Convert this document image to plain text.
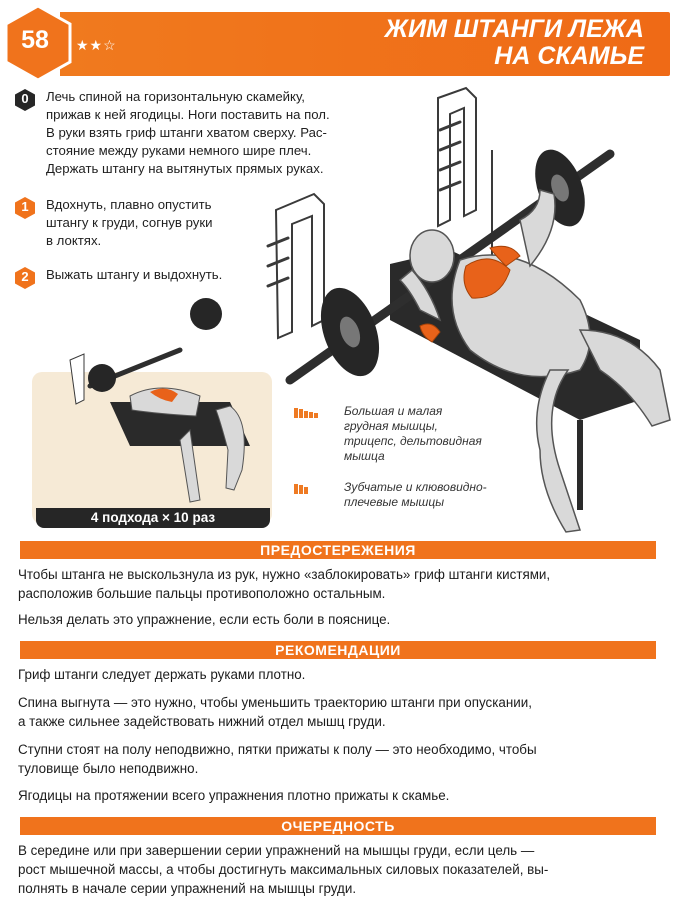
58	★★☆
ЖИМ ШТАНГИ ЛЕЖА
НА СКАМЬЕ
0	Лечь спиной на горизонтальную скамейку,
прижав к ней ягодицы. Ноги поставить на пол.
В руки взять гриф штанги хватом сверху. Рас-
стояние между руками немного шире плеч.
Держать штангу на вытянутых прямых руках.
1	Вдохнуть, плавно опустить
штангу к груди, согнув руки
в локтях.
2	Выжать штангу и выдохнуть.
4 подхода × 10 раз
Большая и малая
грудная мышцы,
трицепс, дельтовидная
мышца
Зубчатые и клювовидно-
плечевые мышцы
ПРЕДОСТЕРЕЖЕНИЯ
Чтобы штанга не выскользнула из рук, нужно «заблокировать» гриф штанги кистями,
расположив большие пальцы противоположно остальным.
Нельзя делать это упражнение, если есть боли в пояснице.
РЕКОМЕНДАЦИИ
Гриф штанги следует держать руками плотно.
Спина выгнута — это нужно, чтобы уменьшить траекторию штанги при опускании,
а также сильнее задействовать нижний отдел мышц груди.
Ступни стоят на полу неподвижно, пятки прижаты к полу — это необходимо, чтобы
туловище было неподвижно.
Ягодицы на протяжении всего упражнения плотно прижаты к скамье.
ОЧЕРЕДНОСТЬ
В середине или при завершении серии упражнений на мышцы груди, если цель —
рост мышечной массы, а чтобы достигнуть максимальных силовых показателей, вы-
полнять в начале серии упражнений на мышцы груди.
